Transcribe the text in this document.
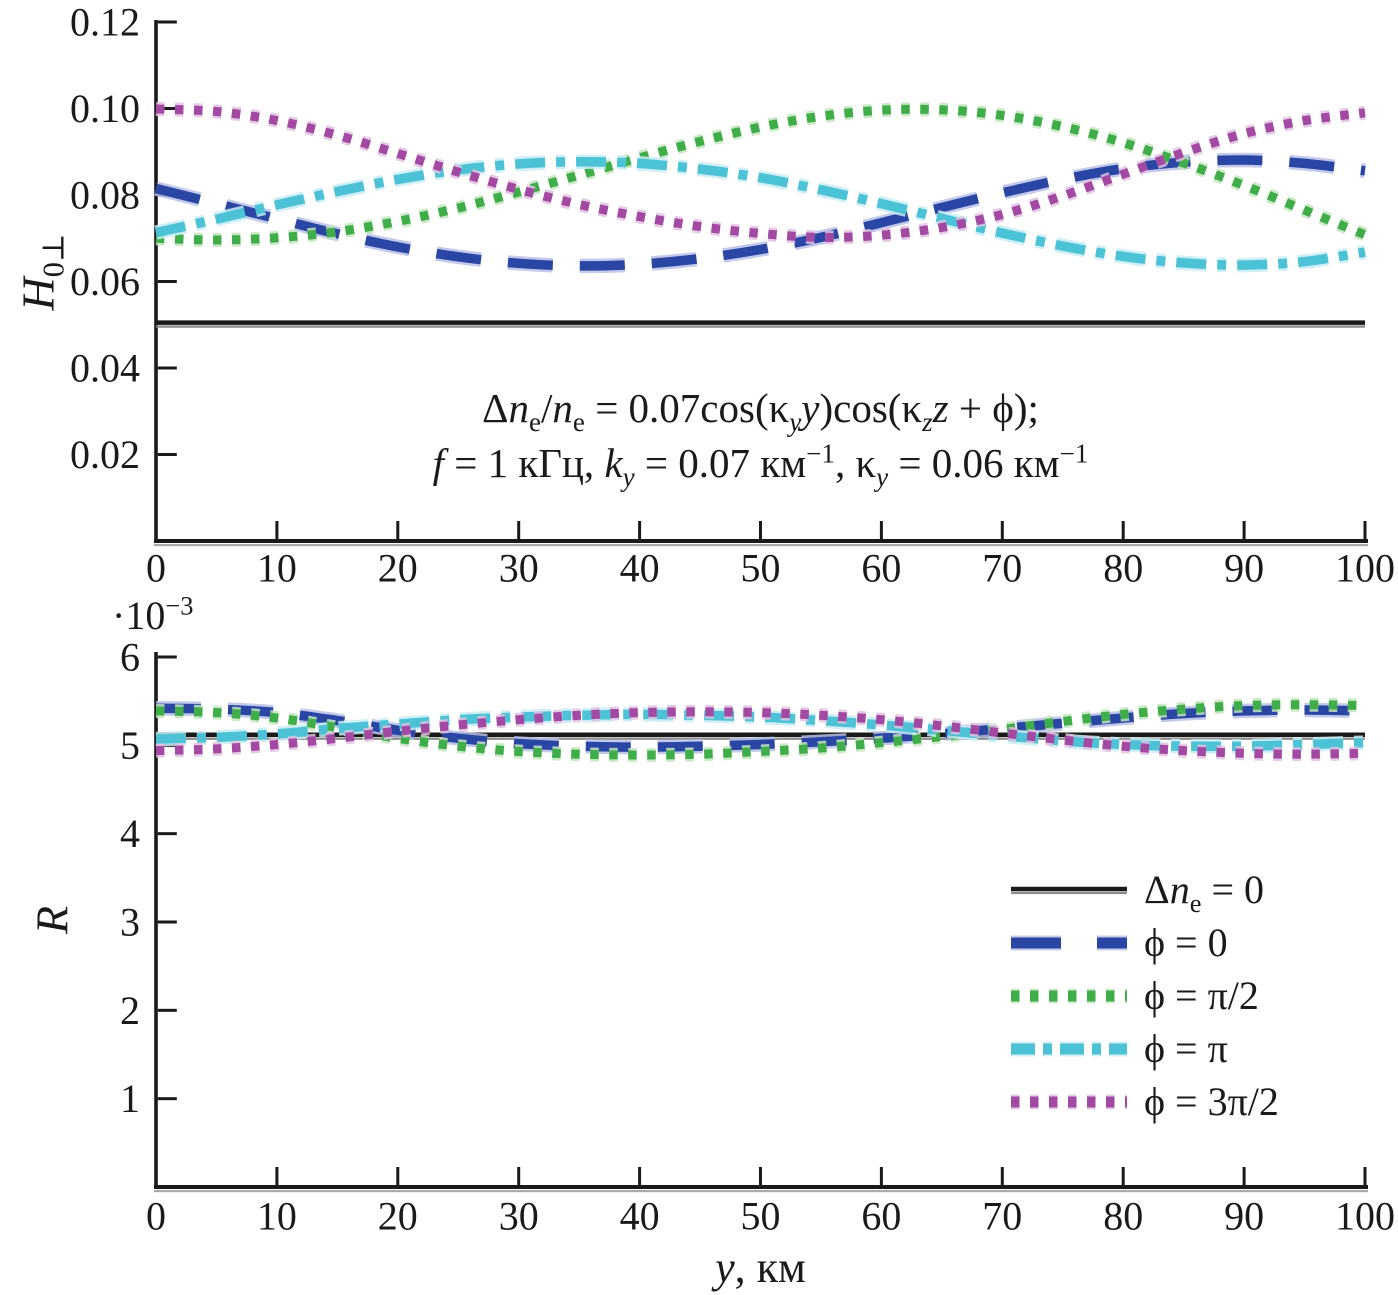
0 10 20 30 40 50 60 70 80 90 100
0.02
0.04
0.06
0.08
0.10
0.12
0 10 20 30 40 50 60 70 80 90 100
1
2
3
4
5
6
$H_{0\perp}$
$\Delta n_e/n_e = 0.07\cos(\kappa_yy)\cos(\kappa_zz + \phi)$;
f = 1 кГц, $k_y = 0.07$ $км^{-1}$, $\kappa_y = 0.06$ $км^{-1}$
$\cdot 10^{-3}$
R
$\Delta n_e = 0$
ϕ = 0
ϕ = π/2
ϕ = π
ϕ = 3π/2
y, км
